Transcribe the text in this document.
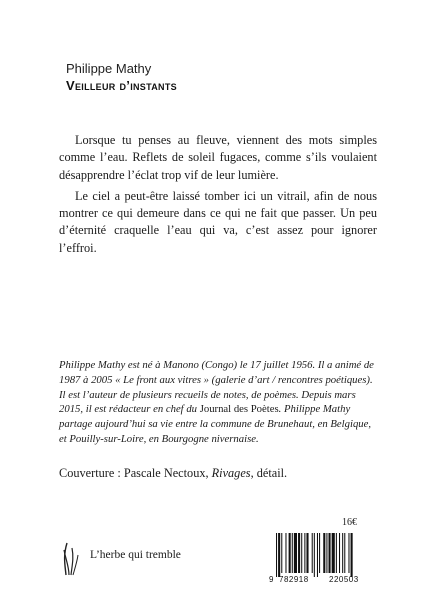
Philippe Mathy
Veilleur d’instants

Lorsque tu penses au fleuve, viennent des mots simples comme l’eau. Reflets de soleil fugaces, comme s’ils voulaient désapprendre l’éclat trop vif de leur lumière.

Le ciel a peut-être laissé tomber ici un vitrail, afin de nous montrer ce qui demeure dans ce qui ne fait que passer. Un peu d’éternité craquelle l’eau qui va, c’est assez pour ignorer l’effroi.

Philippe Mathy est né à Manono (Congo) le 17 juillet 1956. Il a animé de 1987 à 2005 « Le front aux vitres » (galerie d’art / rencontres poétiques). Il est l’auteur de plusieurs recueils de notes, de poèmes. Depuis mars 2015, il est rédacteur en chef du Journal des Poètes. Philippe Mathy partage aujourd’hui sa vie entre la commune de Brunehaut, en Belgique, et Pouilly-sur-Loire, en Bourgogne nivernaise.
Couverture : Pascale Nectoux, Rivages, détail.
16€
L’herbe qui tremble
9 782918	220503
